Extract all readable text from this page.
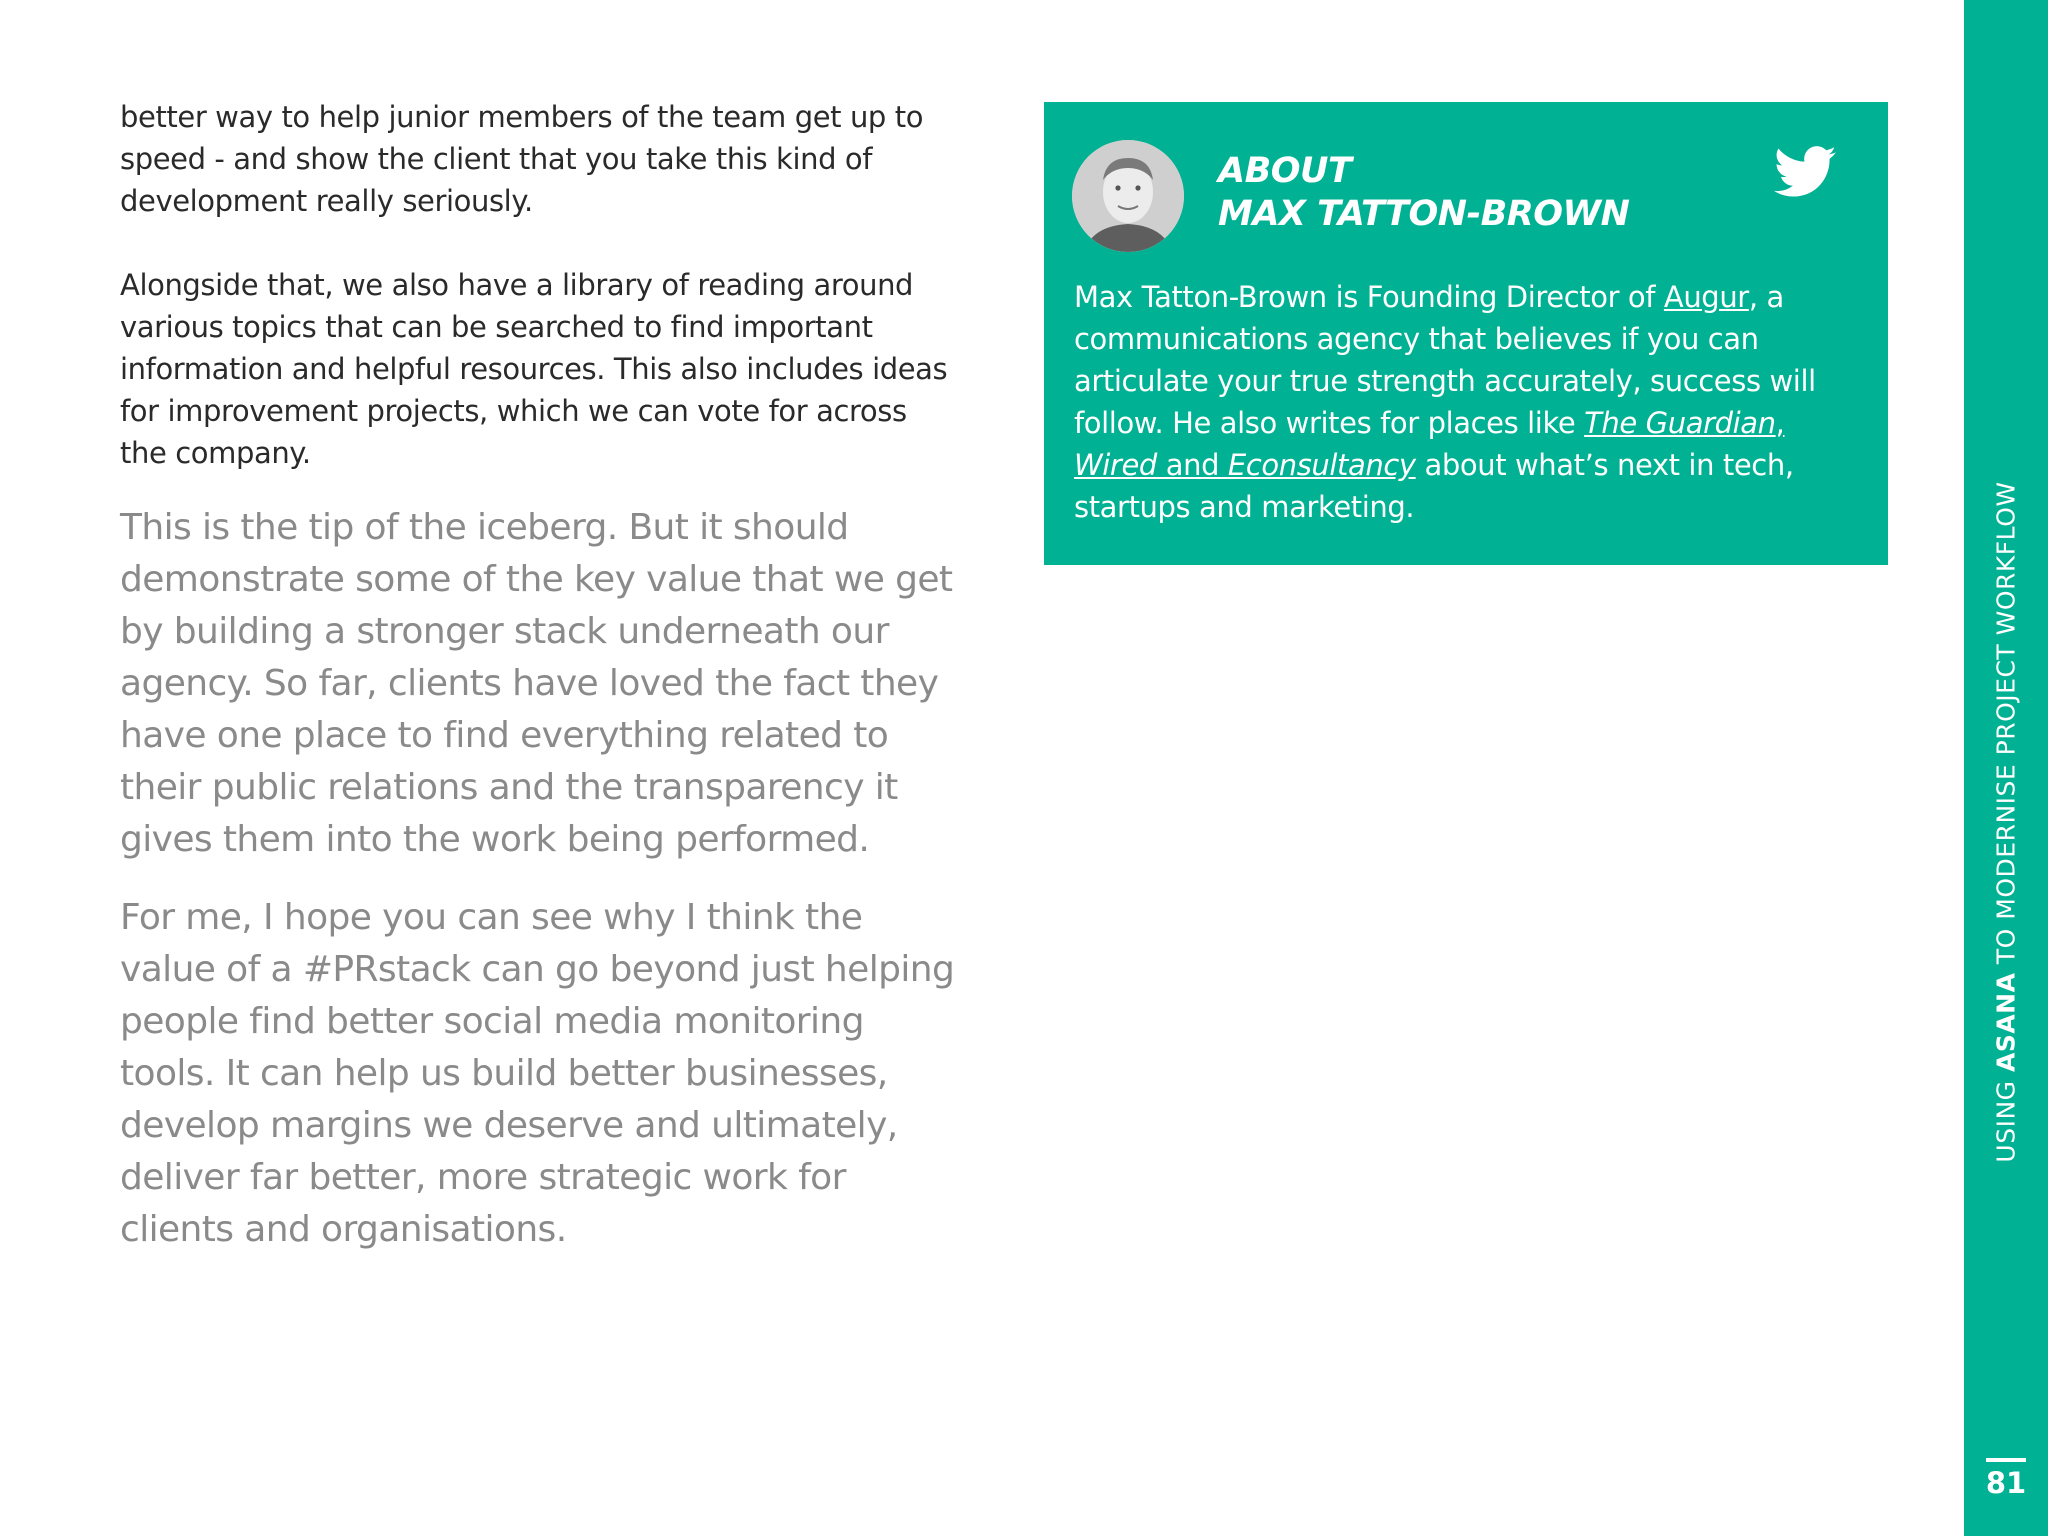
better way to help junior members of the team get up to speed - and show the client that you take this kind of development really seriously.

Alongside that, we also have a library of reading around various topics that can be searched to find important information and helpful resources. This also includes ideas for improvement projects, which we can vote for across the company.

This is the tip of the iceberg. But it should demonstrate some of the key value that we get by building a stronger stack underneath our agency. So far, clients have loved the fact they have one place to find everything related to their public relations and the transparency it gives them into the work being performed.

For me, I hope you can see why I think the value of a #PRstack can go beyond just helping people find better social media monitoring tools. It can help us build better businesses, develop margins we deserve and ultimately, deliver far better, more strategic work for clients and organisations.

ABOUT
MAX TATTON-BROWN

Max Tatton-Brown is Founding Director of Augur, a communications agency that believes if you can articulate your true strength accurately, success will follow. He also writes for places like The Guardian, Wired and Econsultancy about what’s next in tech, startups and marketing.

USING ASANA TO MODERNISE PROJECT WORKFLOW
81
